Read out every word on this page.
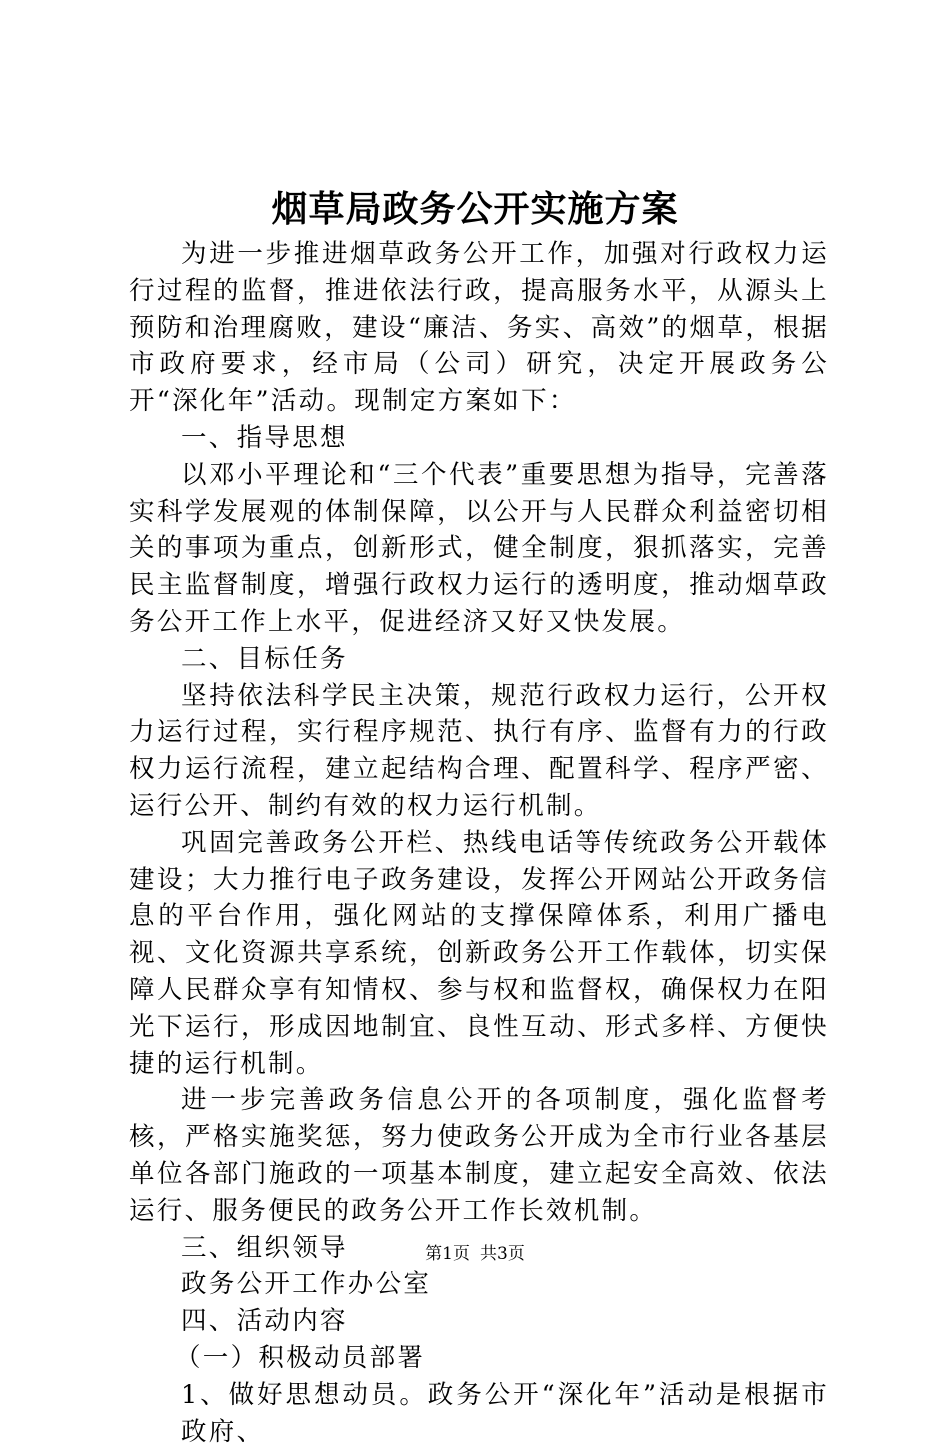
烟草局政务公开实施方案

为进一步推进烟草政务公开工作，加强对行政权力运行过程的监督，推进依法行政，提高服务水平，从源头上预防和治理腐败，建设“廉洁、务实、高效”的烟草，根据市政府要求，经市局（公司）研究，决定开展政务公开“深化年”活动。现制定方案如下：

一、指导思想

以邓小平理论和“三个代表”重要思想为指导，完善落实科学发展观的体制保障，以公开与人民群众利益密切相关的事项为重点，创新形式，健全制度，狠抓落实，完善民主监督制度，增强行政权力运行的透明度，推动烟草政务公开工作上水平，促进经济又好又快发展。

二、目标任务

坚持依法科学民主决策，规范行政权力运行，公开权力运行过程，实行程序规范、执行有序、监督有力的行政权力运行流程，建立起结构合理、配置科学、程序严密、运行公开、制约有效的权力运行机制。

巩固完善政务公开栏、热线电话等传统政务公开载体建设；大力推行电子政务建设，发挥公开网站公开政务信息的平台作用，强化网站的支撑保障体系，利用广播电视、文化资源共享系统，创新政务公开工作载体，切实保障人民群众享有知情权、参与权和监督权，确保权力在阳光下运行，形成因地制宜、良性互动、形式多样、方便快捷的运行机制。

进一步完善政务信息公开的各项制度，强化监督考核，严格实施奖惩，努力使政务公开成为全市行业各基层单位各部门施政的一项基本制度，建立起安全高效、依法运行、服务便民的政务公开工作长效机制。

三、组织领导

政务公开工作办公室

四、活动内容

（一）积极动员部署

1、做好思想动员。政务公开“深化年”活动是根据市政府、

第1页 共3页
